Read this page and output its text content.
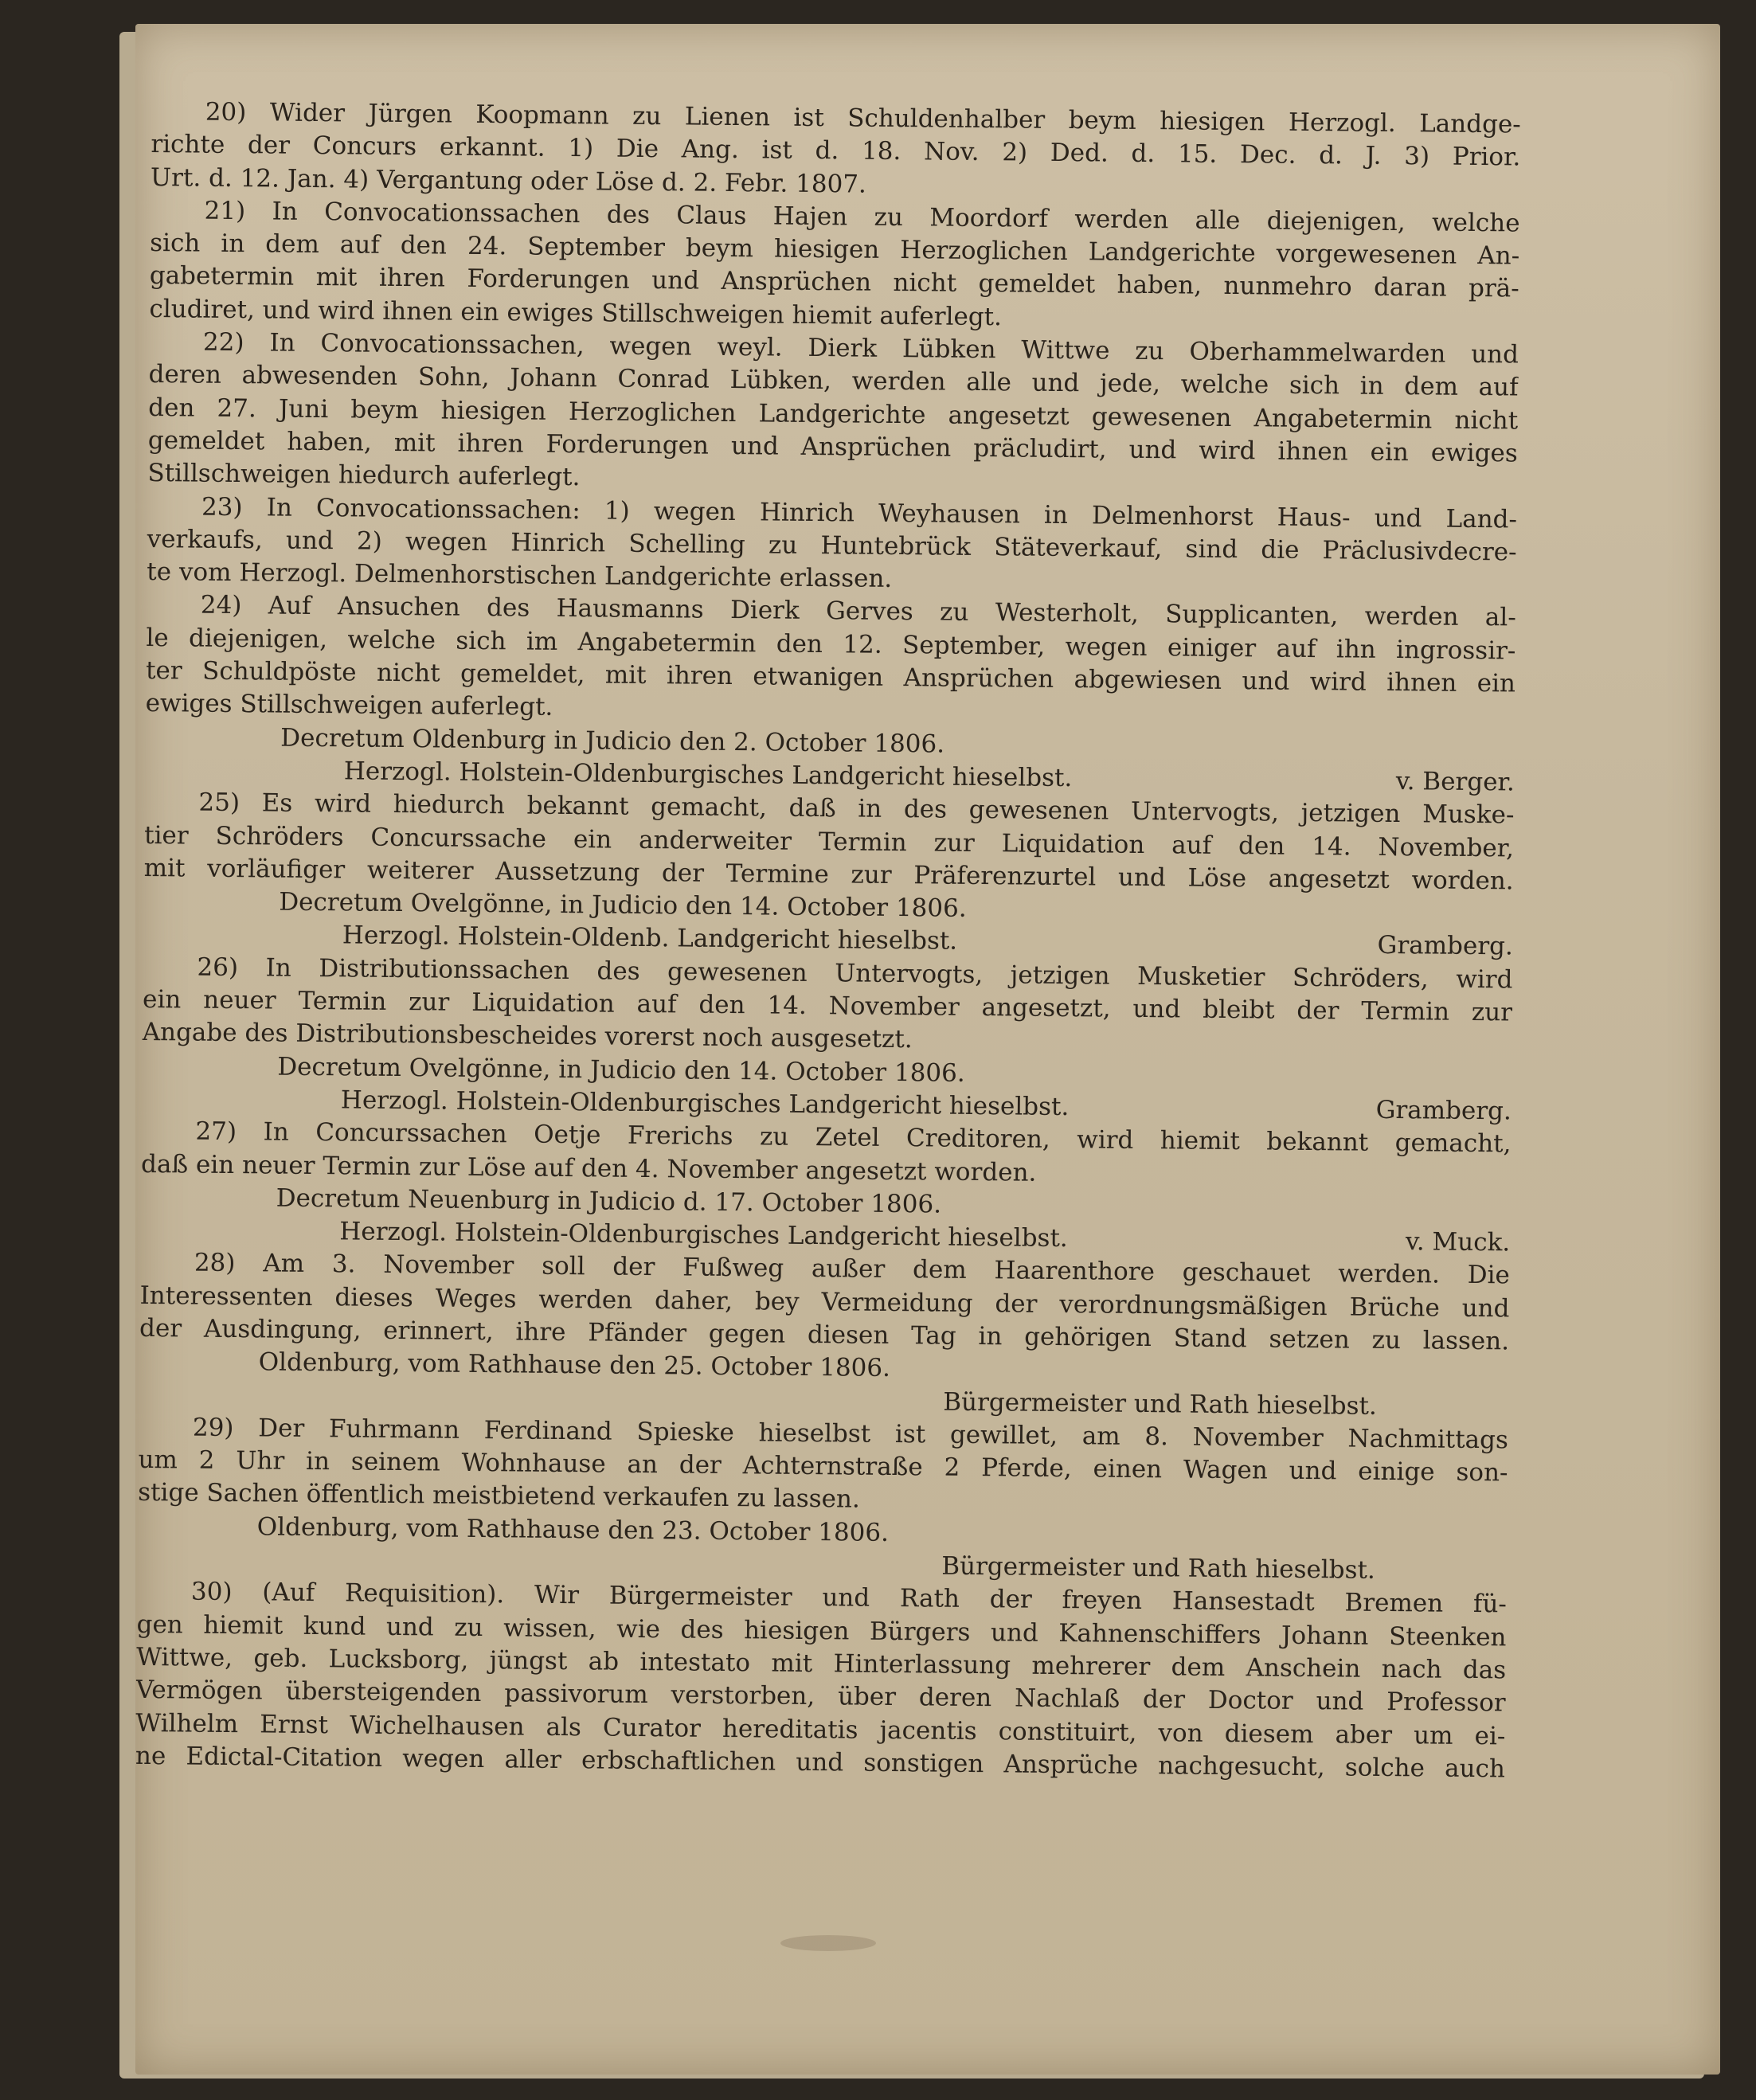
20) Wider Jürgen Koopmann zu Lienen ist Schuldenhalber beym hiesigen Herzogl. Landge-
richte der Concurs erkannt. 1) Die Ang. ist d. 18. Nov. 2) Ded. d. 15. Dec. d. J. 3) Prior.
Urt. d. 12. Jan. 4) Vergantung oder Löse d. 2. Febr. 1807.
21) In Convocationssachen des Claus Hajen zu Moordorf werden alle diejenigen, welche
sich in dem auf den 24. September beym hiesigen Herzoglichen Landgerichte vorgewesenen An-
gabetermin mit ihren Forderungen und Ansprüchen nicht gemeldet haben, nunmehro daran prä-
cludiret, und wird ihnen ein ewiges Stillschweigen hiemit auferlegt.
22) In Convocationssachen, wegen weyl. Dierk Lübken Wittwe zu Oberhammelwarden und
deren abwesenden Sohn, Johann Conrad Lübken, werden alle und jede, welche sich in dem auf
den 27. Juni beym hiesigen Herzoglichen Landgerichte angesetzt gewesenen Angabetermin nicht
gemeldet haben, mit ihren Forderungen und Ansprüchen präcludirt, und wird ihnen ein ewiges
Stillschweigen hiedurch auferlegt.
23) In Convocationssachen: 1) wegen Hinrich Weyhausen in Delmenhorst Haus- und Land-
verkaufs, und 2) wegen Hinrich Schelling zu Huntebrück Stäteverkauf, sind die Präclusivdecre-
te vom Herzogl. Delmenhorstischen Landgerichte erlassen.
24) Auf Ansuchen des Hausmanns Dierk Gerves zu Westerholt, Supplicanten, werden al-
le diejenigen, welche sich im Angabetermin den 12. September, wegen einiger auf ihn ingrossir-
ter Schuldpöste nicht gemeldet, mit ihren etwanigen Ansprüchen abgewiesen und wird ihnen ein
ewiges Stillschweigen auferlegt.
Decretum Oldenburg in Judicio den 2. October 1806.
Herzogl. Holstein-Oldenburgisches Landgericht hieselbst.	v. Berger.
25) Es wird hiedurch bekannt gemacht, daß in des gewesenen Untervogts, jetzigen Muske-
tier Schröders Concurssache ein anderweiter Termin zur Liquidation auf den 14. November,
mit vorläufiger weiterer Aussetzung der Termine zur Präferenzurtel und Löse angesetzt worden.
Decretum Ovelgönne, in Judicio den 14. October 1806.
Herzogl. Holstein-Oldenb. Landgericht hieselbst.	Gramberg.
26) In Distributionssachen des gewesenen Untervogts, jetzigen Musketier Schröders, wird
ein neuer Termin zur Liquidation auf den 14. November angesetzt, und bleibt der Termin zur
Angabe des Distributionsbescheides vorerst noch ausgesetzt.
Decretum Ovelgönne, in Judicio den 14. October 1806.
Herzogl. Holstein-Oldenburgisches Landgericht hieselbst.	Gramberg.
27) In Concurssachen Oetje Frerichs zu Zetel Creditoren, wird hiemit bekannt gemacht,
daß ein neuer Termin zur Löse auf den 4. November angesetzt worden.
Decretum Neuenburg in Judicio d. 17. October 1806.
Herzogl. Holstein-Oldenburgisches Landgericht hieselbst.	v. Muck.
28) Am 3. November soll der Fußweg außer dem Haarenthore geschauet werden. Die
Interessenten dieses Weges werden daher, bey Vermeidung der verordnungsmäßigen Brüche und
der Ausdingung, erinnert, ihre Pfänder gegen diesen Tag in gehörigen Stand setzen zu lassen.
Oldenburg, vom Rathhause den 25. October 1806.
Bürgermeister und Rath hieselbst.
29) Der Fuhrmann Ferdinand Spieske hieselbst ist gewillet, am 8. November Nachmittags
um 2 Uhr in seinem Wohnhause an der Achternstraße 2 Pferde, einen Wagen und einige son-
stige Sachen öffentlich meistbietend verkaufen zu lassen.
Oldenburg, vom Rathhause den 23. October 1806.
Bürgermeister und Rath hieselbst.
30) (Auf Requisition). Wir Bürgermeister und Rath der freyen Hansestadt Bremen fü-
gen hiemit kund und zu wissen, wie des hiesigen Bürgers und Kahnenschiffers Johann Steenken
Wittwe, geb. Lucksborg, jüngst ab intestato mit Hinterlassung mehrerer dem Anschein nach das
Vermögen übersteigenden passivorum verstorben, über deren Nachlaß der Doctor und Professor
Wilhelm Ernst Wichelhausen als Curator hereditatis jacentis constituirt, von diesem aber um ei-
ne Edictal-Citation wegen aller erbschaftlichen und sonstigen Ansprüche nachgesucht, solche auch
